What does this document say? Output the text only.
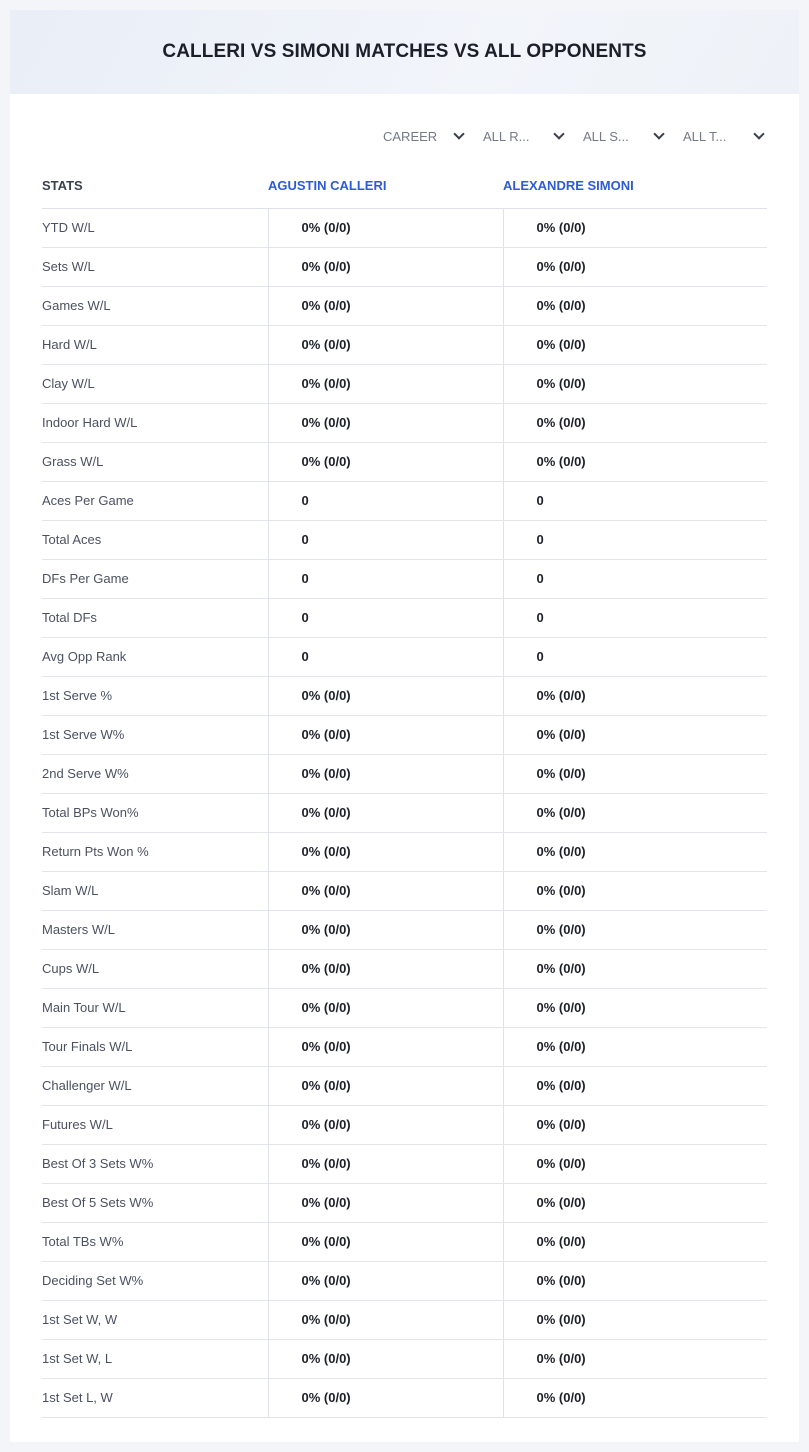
CALLERI VS SIMONI MATCHES VS ALL OPPONENTS
CAREER	ALL R...	ALL S...	ALL T...
STATS	AGUSTIN CALLERI	ALEXANDRE SIMONI
YTD W/L	0% (0/0)	0% (0/0)
Sets W/L	0% (0/0)	0% (0/0)
Games W/L	0% (0/0)	0% (0/0)
Hard W/L	0% (0/0)	0% (0/0)
Clay W/L	0% (0/0)	0% (0/0)
Indoor Hard W/L	0% (0/0)	0% (0/0)
Grass W/L	0% (0/0)	0% (0/0)
Aces Per Game	0	0
Total Aces	0	0
DFs Per Game	0	0
Total DFs	0	0
Avg Opp Rank	0	0
1st Serve %	0% (0/0)	0% (0/0)
1st Serve W%	0% (0/0)	0% (0/0)
2nd Serve W%	0% (0/0)	0% (0/0)
Total BPs Won%	0% (0/0)	0% (0/0)
Return Pts Won %	0% (0/0)	0% (0/0)
Slam W/L	0% (0/0)	0% (0/0)
Masters W/L	0% (0/0)	0% (0/0)
Cups W/L	0% (0/0)	0% (0/0)
Main Tour W/L	0% (0/0)	0% (0/0)
Tour Finals W/L	0% (0/0)	0% (0/0)
Challenger W/L	0% (0/0)	0% (0/0)
Futures W/L	0% (0/0)	0% (0/0)
Best Of 3 Sets W%	0% (0/0)	0% (0/0)
Best Of 5 Sets W%	0% (0/0)	0% (0/0)
Total TBs W%	0% (0/0)	0% (0/0)
Deciding Set W%	0% (0/0)	0% (0/0)
1st Set W, W	0% (0/0)	0% (0/0)
1st Set W, L	0% (0/0)	0% (0/0)
1st Set L, W	0% (0/0)	0% (0/0)
